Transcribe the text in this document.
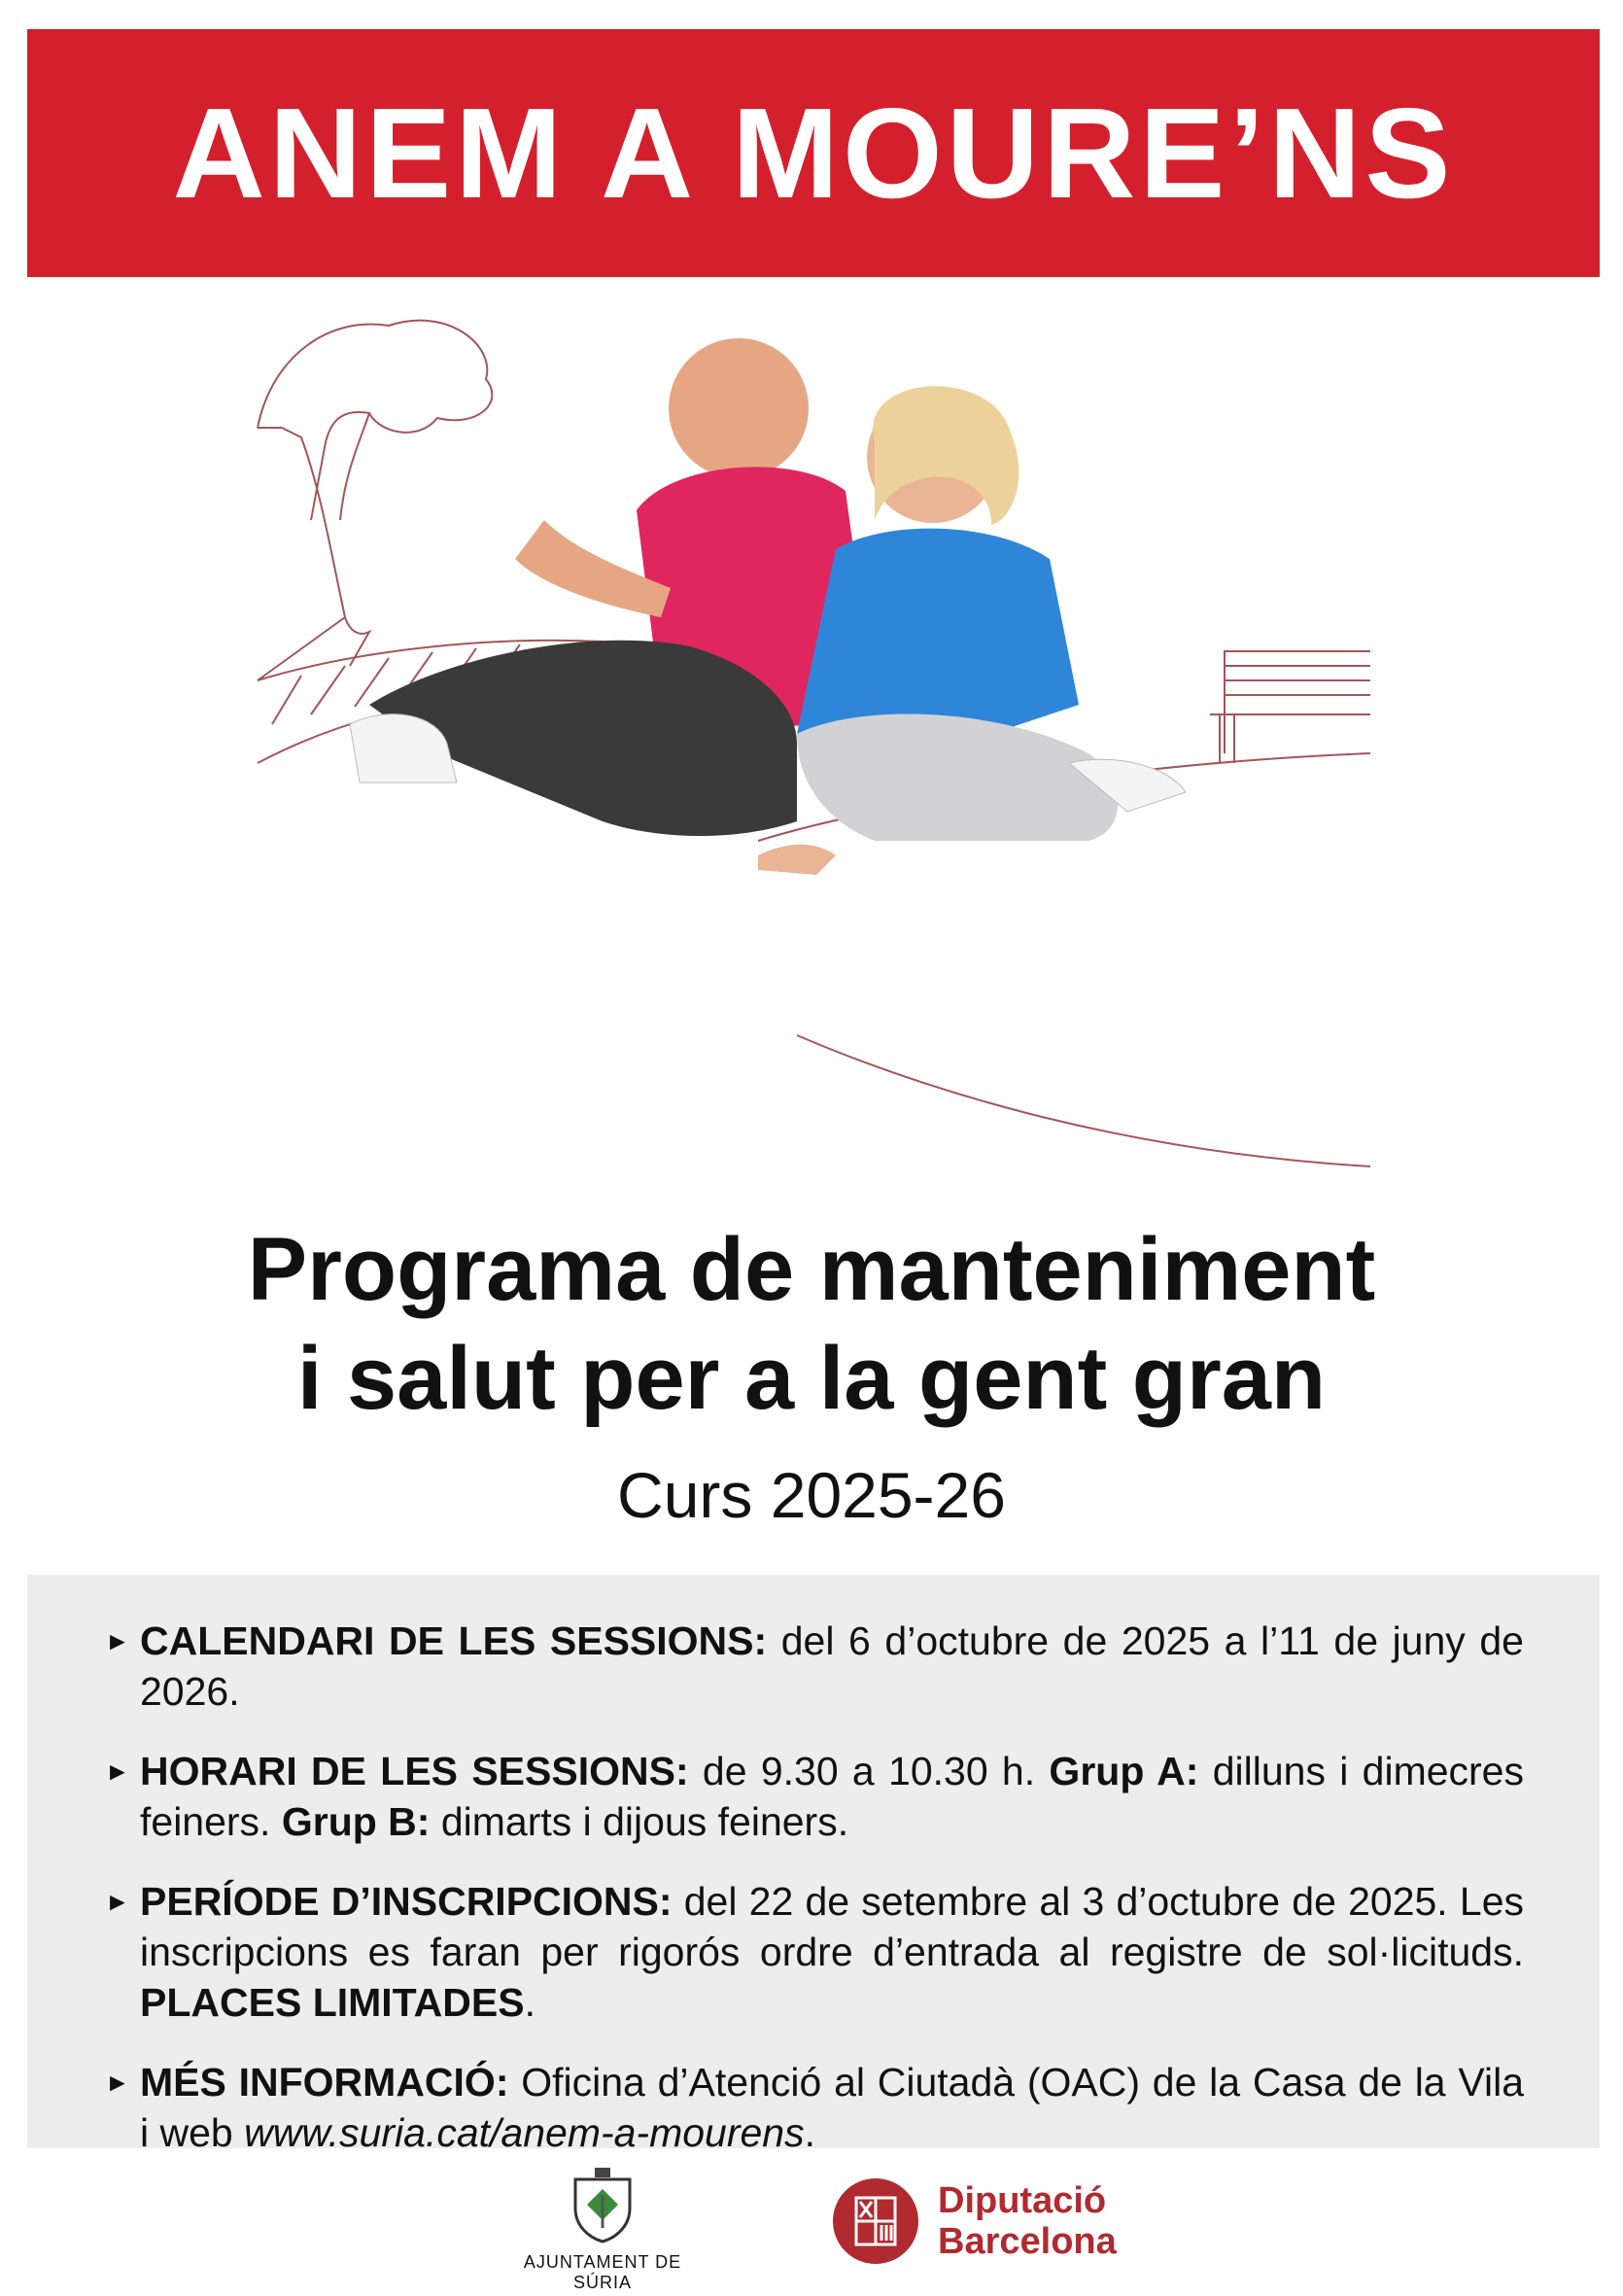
ANEM A MOURE’NS
Programa de manteniment
i salut per a la gent gran
Curs 2025-26
► CALENDARI DE LES SESSIONS: del 6 d’octubre de 2025 a l’11 de juny de 2026.
► HORARI DE LES SESSIONS: de 9.30 a 10.30 h. Grup A: dilluns i dimecres feiners. Grup B: dimarts i dijous feiners.
► PERÍODE D’INSCRIPCIONS: del 22 de setembre al 3 d’octubre de 2025. Les inscripcions es faran per rigorós ordre d’entrada al registre de sol·licituds. PLACES LIMITADES.
► MÉS INFORMACIÓ: Oficina d’Atenció al Ciutadà (OAC) de la Casa de la Vila i web www.suria.cat/anem-a-mourens.
AJUNTAMENT DE SÚRIA
Diputació
Barcelona
